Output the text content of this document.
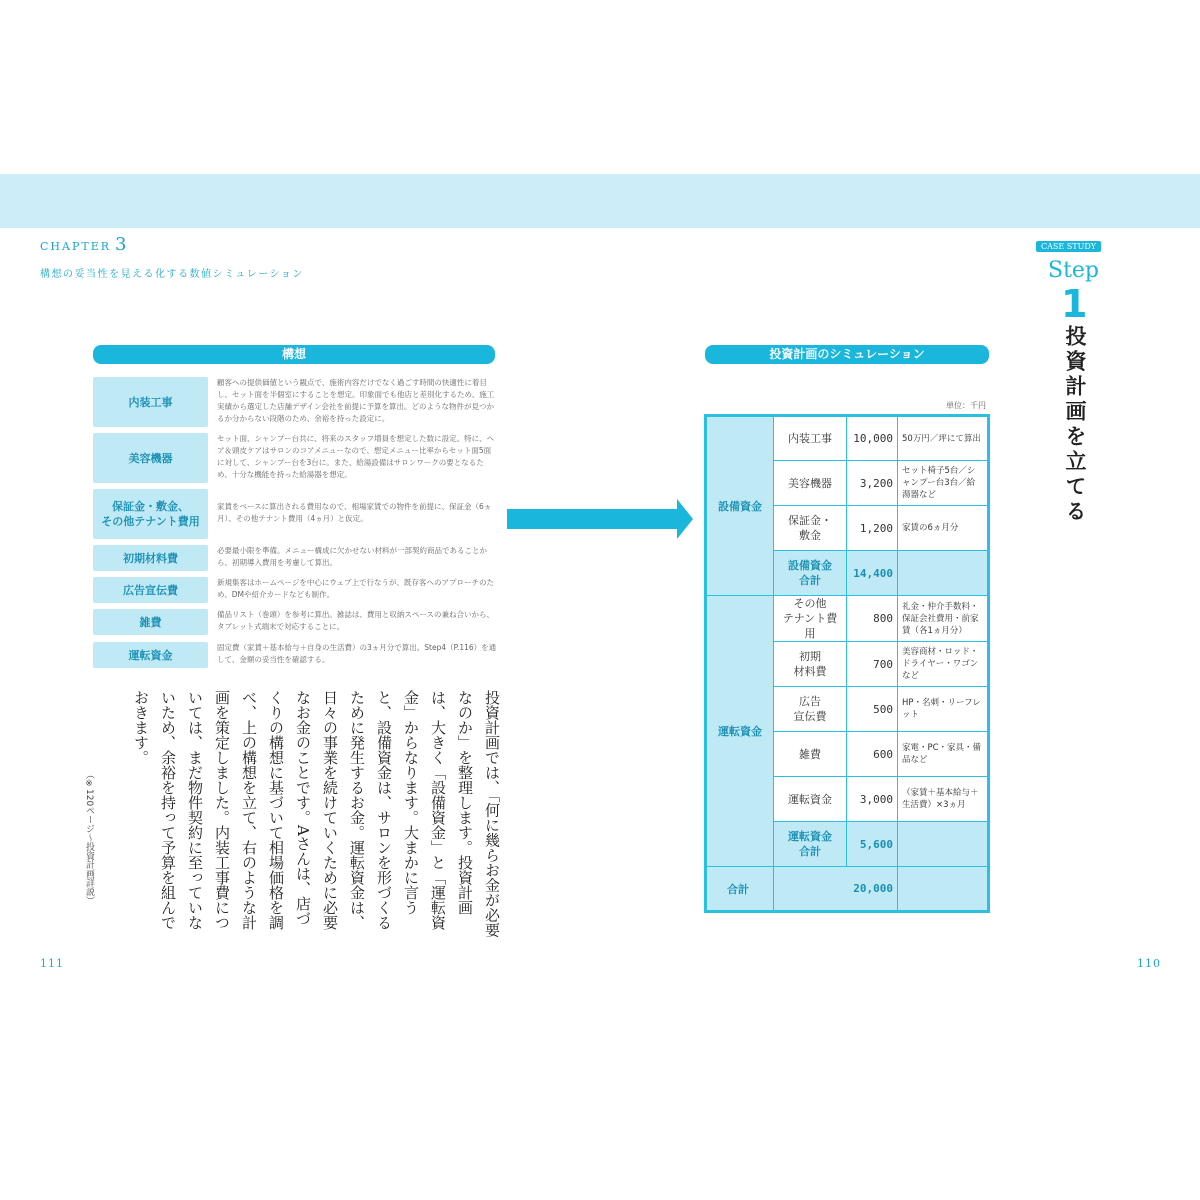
CHAPTER 3
構想の妥当性を見える化する数値シミュレーション
構想
内装工事
顧客への提供価値という観点で、施術内容だけでなく過ごす時間の快適性に着目し、セット面を半個室にすることを想定。印象面でも他店と差別化するため、施工実績から選定した店舗デザイン会社を前提に予算を算出。どのような物件が見つかるか分からない段階のため、余裕を持った設定に。
美容機器
セット面、シャンプー台共に、将来のスタッフ増員を想定した数に設定。特に、ヘア＆頭皮ケアはサロンのコアメニューなので、想定メニュー比率からセット面5面に対して、シャンプー台を3台に。また、給湯設備はサロンワークの要となるため、十分な機能を持った給湯器を想定。
保証金・敷金、
その他テナント費用
家賃をベースに算出される費用なので、相場家賃での物件を前提に、保証金（6ヵ月）、その他テナント費用（4ヵ月）と仮定。
初期材料費
必要最小限を準備。メニュー構成に欠かせない材料が一部契約商品であることから、初期導入費用を考慮して算出。
広告宣伝費
新規集客はホームページを中心にウェブ上で行なうが、既存客へのアプローチのため、DMや紹介カードなども制作。
雑費
備品リスト（巻頭）を参考に算出。雑誌は、費用と収納スペースの兼ね合いから、タブレット式端末で対応することに。
運転資金
固定費（家賃＋基本給与＋自身の生活費）の3ヵ月分で算出。Step4（P.116）を通して、金額の妥当性を確認する。
投資計画では、「何に幾らお金が必要なのか」を整理します。投資計画は、大きく「設備資金」と「運転資金」からなります。大まかに言うと、設備資金は、サロンを形づくるために発生するお金。運転資金は、日々の事業を続けていくために必要なお金のことです。Aさんは、店づくりの構想に基づいて相場価格を調べ、上の構想を立て、右のような計画を策定しました。内装工事費については、まだ物件契約に至っていないため、余裕を持って予算を組んでおきます。
（※120ページ〜投資計画詳説）
投資計画のシミュレーション
単位：千円
設備資金	内装工事	10,000	50万円／坪にて算出
	美容機器	3,200	セット椅子5台／シャンプー台3台／給湯器など
	保証金・
敷金	1,200	家賃の6ヵ月分
	設備資金
合計	14,400	
運転資金	その他
テナント費用	800	礼金・仲介手数料・保証会社費用・前家賃（各1ヵ月分）
	初期
材料費	700	美容商材・ロッド・ドライヤー・ワゴンなど
	広告
宣伝費	500	HP・名刺・リーフレット
	雑費	600	家電・PC・家具・備品など
	運転資金	3,000	（家賃＋基本給与＋生活費）×3ヵ月
	運転資金
合計	5,600	
合計	20,000		
CASE STUDY
Step
1
投資計画を立てる
111	110
